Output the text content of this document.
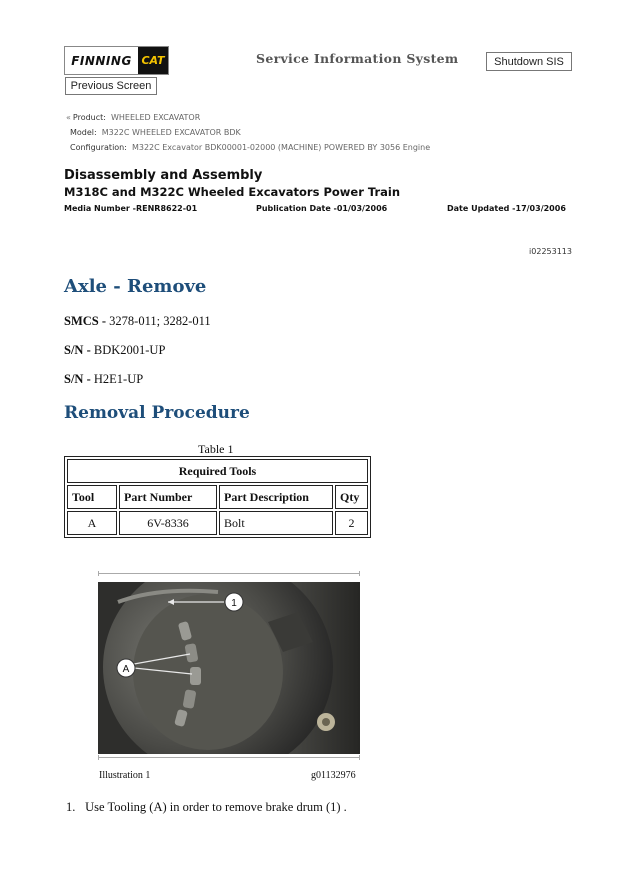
FINNING CAT	Service Information System	Shutdown SIS
Previous Screen
« Product: WHEELED EXCAVATOR
Model: M322C WHEELED EXCAVATOR BDK
Configuration: M322C Excavator BDK00001-02000 (MACHINE) POWERED BY 3056 Engine
Disassembly and Assembly
M318C and M322C Wheeled Excavators Power Train
Media Number -RENR8622-01	Publication Date -01/03/2006	Date Updated -17/03/2006
i02253113
Axle - Remove
SMCS - 3278-011; 3282-011
S/N - BDK2001-UP
S/N - H2E1-UP
Removal Procedure
Table 1
Required Tools			
Tool	Part Number	Part Description	Qty
A	6V-8336	Bolt	2
1
A
Illustration 1	g01132976
1. Use Tooling (A) in order to remove brake drum (1) .
